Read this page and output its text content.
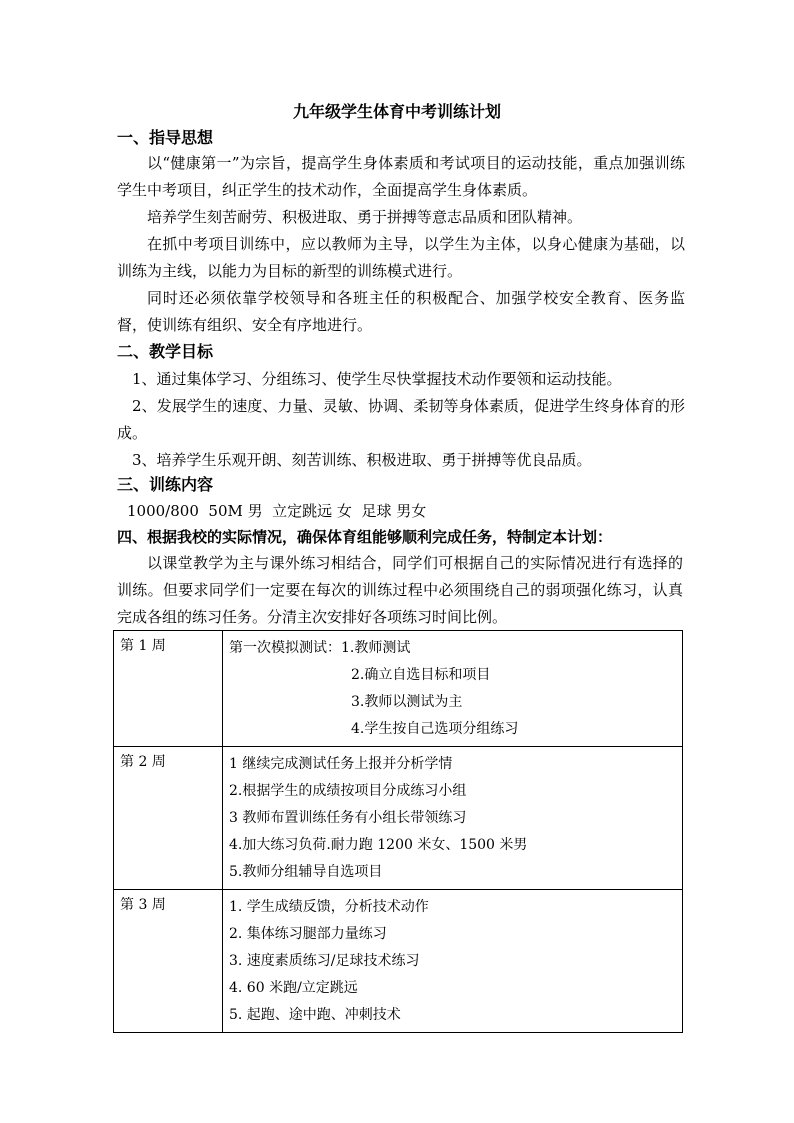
九年级学生体育中考训练计划
一、指导思想
以“健康第一”为宗旨，提高学生身体素质和考试项目的运动技能，重点加强训练学生中考项目，纠正学生的技术动作，全面提高学生身体素质。
培养学生刻苦耐劳、积极进取、勇于拼搏等意志品质和团队精神。
在抓中考项目训练中，应以教师为主导，以学生为主体，以身心健康为基础，以训练为主线，以能力为目标的新型的训练模式进行。
同时还必须依靠学校领导和各班主任的积极配合、加强学校安全教育、医务监督，使训练有组织、安全有序地进行。
二、教学目标
1、通过集体学习、分组练习、使学生尽快掌握技术动作要领和运动技能。
2、发展学生的速度、力量、灵敏、协调、柔韧等身体素质，促进学生终身体育的形成。
3、培养学生乐观开朗、刻苦训练、积极进取、勇于拼搏等优良品质。
三、训练内容
1000/800  50M 男  立定跳远 女  足球 男女
四、根据我校的实际情况，确保体育组能够顺利完成任务，特制定本计划：
以课堂教学为主与课外练习相结合，同学们可根据自己的实际情况进行有选择的训练。但要求同学们一定要在每次的训练过程中必须围绕自己的弱项强化练习，认真完成各组的练习任务。分清主次安排好各项练习时间比例。
第 1 周	第一次模拟测试：1.教师测试
2.确立自选目标和项目
3.教师以测试为主
4.学生按自己选项分组练习

第 2 周	1 继续完成测试任务上报并分析学情
2.根据学生的成绩按项目分成练习小组
3 教师布置训练任务有小组长带领练习
4.加大练习负荷.耐力跑 1200 米女、1500 米男
5.教师分组辅导自选项目

第 3 周	1. 学生成绩反馈，分析技术动作
2. 集体练习腿部力量练习
3. 速度素质练习/足球技术练习
4. 60 米跑/立定跳远
5. 起跑、途中跑、冲刺技术
